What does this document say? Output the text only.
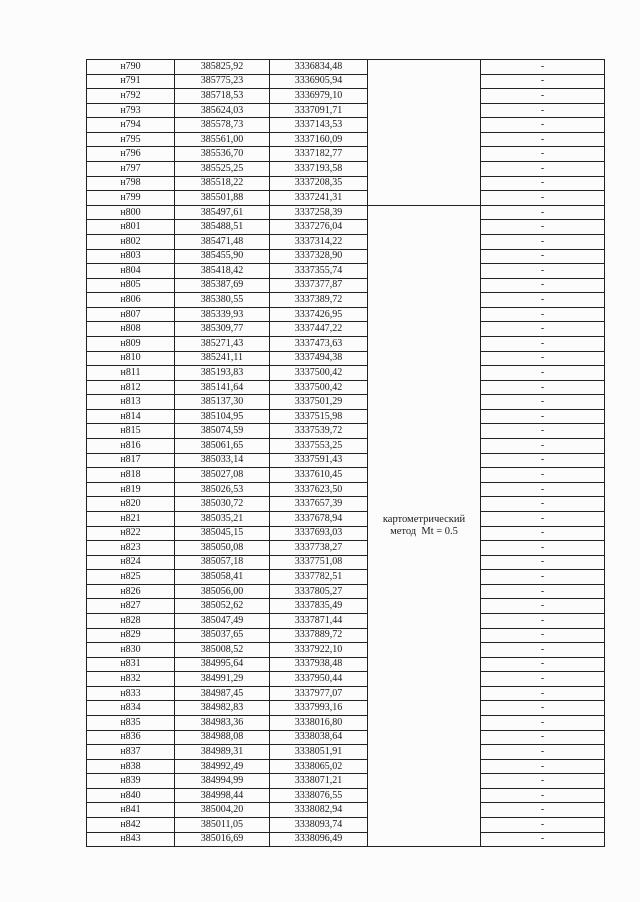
н790	385825,92	3336834,48		-
н791	385775,23	3336905,94		-
н792	385718,53	3336979,10		-
н793	385624,03	3337091,71		-
н794	385578,73	3337143,53		-
н795	385561,00	3337160,09		-
н796	385536,70	3337182,77		-
н797	385525,25	3337193,58		-
н798	385518,22	3337208,35		-
н799	385501,88	3337241,31		-
н800	385497,61	3337258,39	картометрический
метод  Mt = 0.5	-
н801	385488,51	3337276,04		-
н802	385471,48	3337314,22		-
н803	385455,90	3337328,90		-
н804	385418,42	3337355,74		-
н805	385387,69	3337377,87		-
н806	385380,55	3337389,72		-
н807	385339,93	3337426,95		-
н808	385309,77	3337447,22		-
н809	385271,43	3337473,63		-
н810	385241,11	3337494,38		-
н811	385193,83	3337500,42		-
н812	385141,64	3337500,42		-
н813	385137,30	3337501,29		-
н814	385104,95	3337515,98		-
н815	385074,59	3337539,72		-
н816	385061,65	3337553,25		-
н817	385033,14	3337591,43		-
н818	385027,08	3337610,45		-
н819	385026,53	3337623,50		-
н820	385030,72	3337657,39		-
н821	385035,21	3337678,94		-
н822	385045,15	3337693,03		-
н823	385050,08	3337738,27		-
н824	385057,18	3337751,08		-
н825	385058,41	3337782,51		-
н826	385056,00	3337805,27		-
н827	385052,62	3337835,49		-
н828	385047,49	3337871,44		-
н829	385037,65	3337889,72		-
н830	385008,52	3337922,10		-
н831	384995,64	3337938,48		-
н832	384991,29	3337950,44		-
н833	384987,45	3337977,07		-
н834	384982,83	3337993,16		-
н835	384983,36	3338016,80		-
н836	384988,08	3338038,64		-
н837	384989,31	3338051,91		-
н838	384992,49	3338065,02		-
н839	384994,99	3338071,21		-
н840	384998,44	3338076,55		-
н841	385004,20	3338082,94		-
н842	385011,05	3338093,74		-
н843	385016,69	3338096,49		-
